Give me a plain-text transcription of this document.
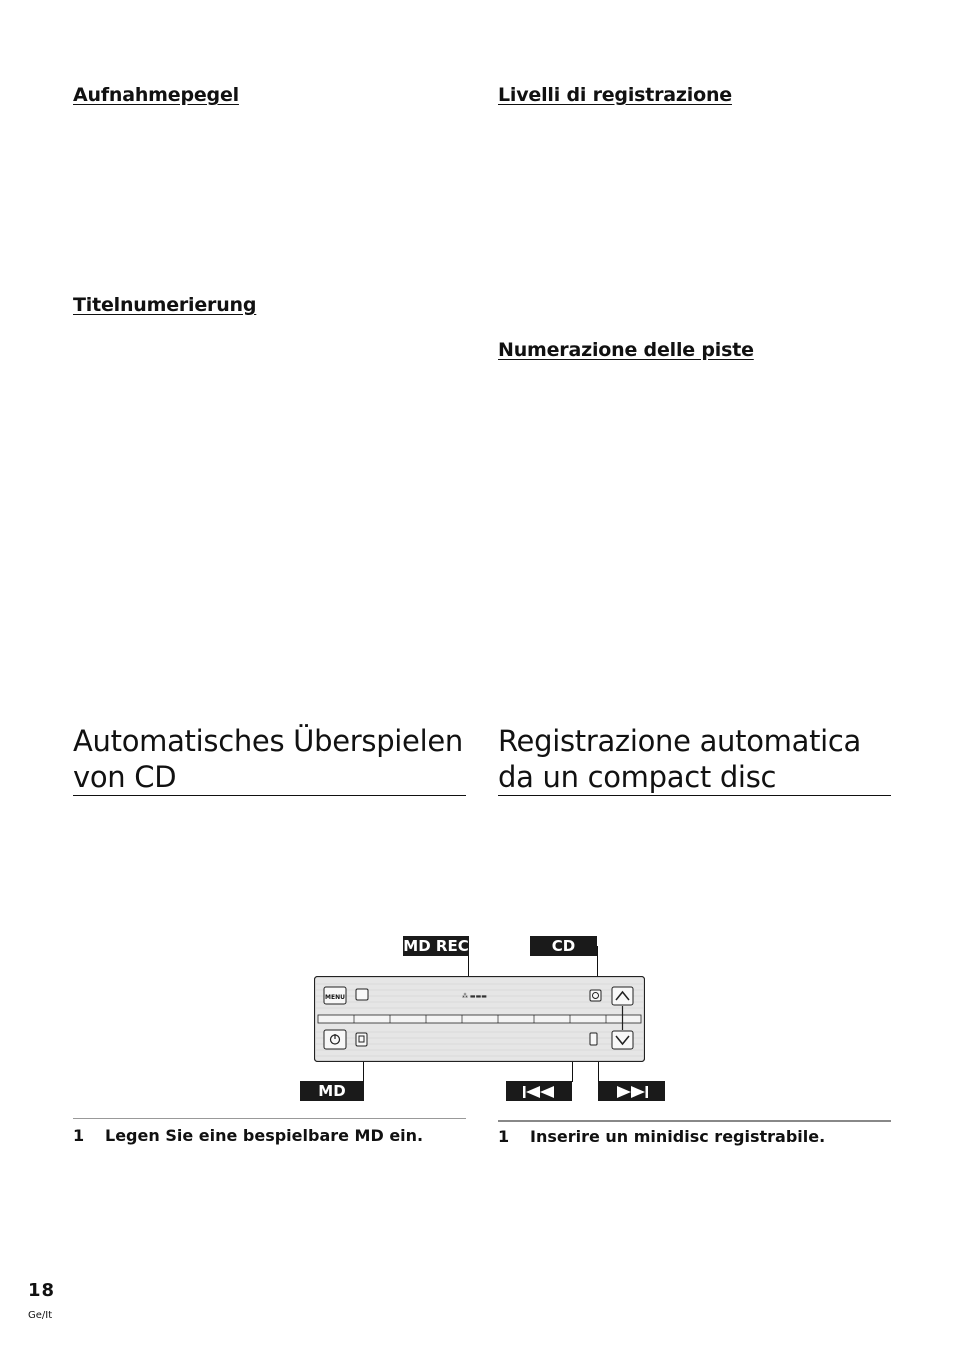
Aufnahmepegel	Livelli di registrazione

Titelnumerierung

Numerazione delle piste

Automatisches Überspielen
von CD

Registrazione automatica
da un compact disc

MD REC	CD
MD
MENU	⁂ ▬▬▬
1 Legen Sie eine bespielbare MD ein.	1 Inserire un minidisc registrabile.
18
Ge/It
